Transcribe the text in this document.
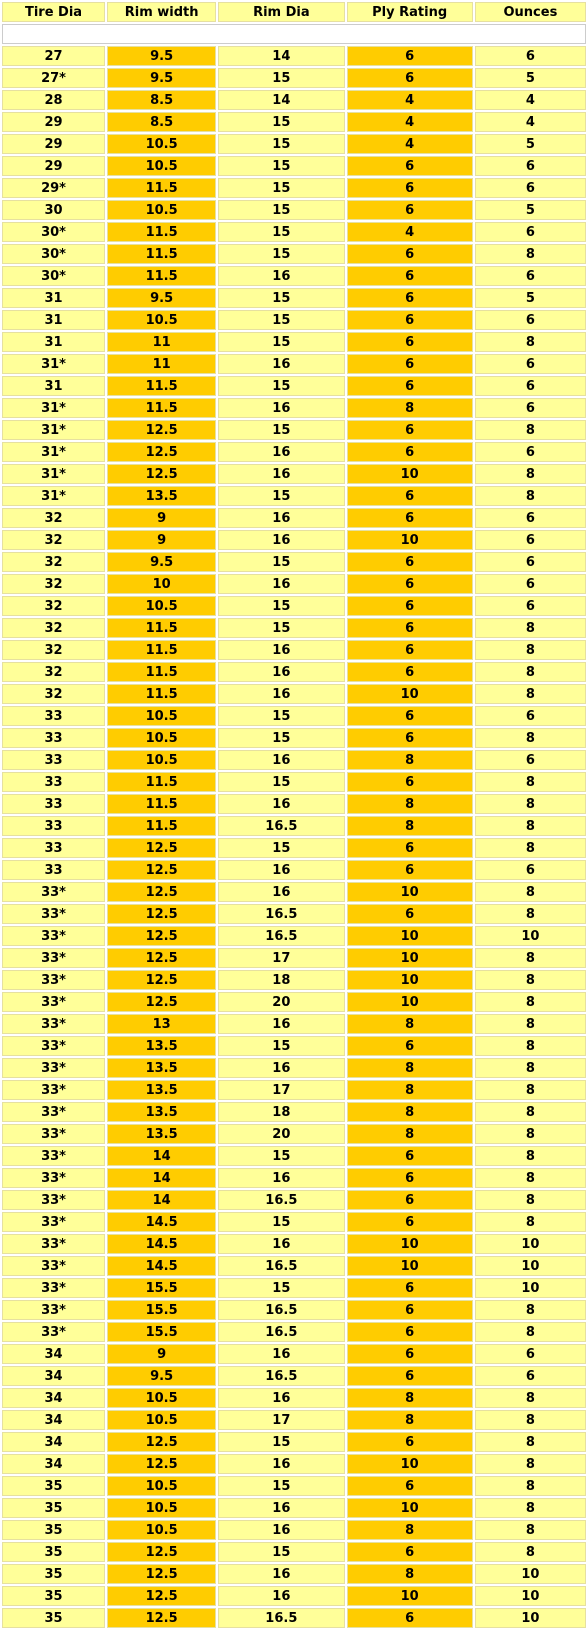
Tire Dia	Rim width	Rim Dia	Ply Rating	Ounces

27	9.5	14	6	6
27*	9.5	15	6	5
28	8.5	14	4	4
29	8.5	15	4	4
29	10.5	15	4	5
29	10.5	15	6	6
29*	11.5	15	6	6
30	10.5	15	6	5
30*	11.5	15	4	6
30*	11.5	15	6	8
30*	11.5	16	6	6
31	9.5	15	6	5
31	10.5	15	6	6
31	11	15	6	8
31*	11	16	6	6
31	11.5	15	6	6
31*	11.5	16	8	6
31*	12.5	15	6	8
31*	12.5	16	6	6
31*	12.5	16	10	8
31*	13.5	15	6	8
32	9	16	6	6
32	9	16	10	6
32	9.5	15	6	6
32	10	16	6	6
32	10.5	15	6	6
32	11.5	15	6	8
32	11.5	16	6	8
32	11.5	16	6	8
32	11.5	16	10	8
33	10.5	15	6	6
33	10.5	15	6	8
33	10.5	16	8	6
33	11.5	15	6	8
33	11.5	16	8	8
33	11.5	16.5	8	8
33	12.5	15	6	8
33	12.5	16	6	6
33*	12.5	16	10	8
33*	12.5	16.5	6	8
33*	12.5	16.5	10	10
33*	12.5	17	10	8
33*	12.5	18	10	8
33*	12.5	20	10	8
33*	13	16	8	8
33*	13.5	15	6	8
33*	13.5	16	8	8
33*	13.5	17	8	8
33*	13.5	18	8	8
33*	13.5	20	8	8
33*	14	15	6	8
33*	14	16	6	8
33*	14	16.5	6	8
33*	14.5	15	6	8
33*	14.5	16	10	10
33*	14.5	16.5	10	10
33*	15.5	15	6	10
33*	15.5	16.5	6	8
33*	15.5	16.5	6	8
34	9	16	6	6
34	9.5	16.5	6	6
34	10.5	16	8	8
34	10.5	17	8	8
34	12.5	15	6	8
34	12.5	16	10	8
35	10.5	15	6	8
35	10.5	16	10	8
35	10.5	16	8	8
35	12.5	15	6	8
35	12.5	16	8	10
35	12.5	16	10	10
35	12.5	16.5	6	10
